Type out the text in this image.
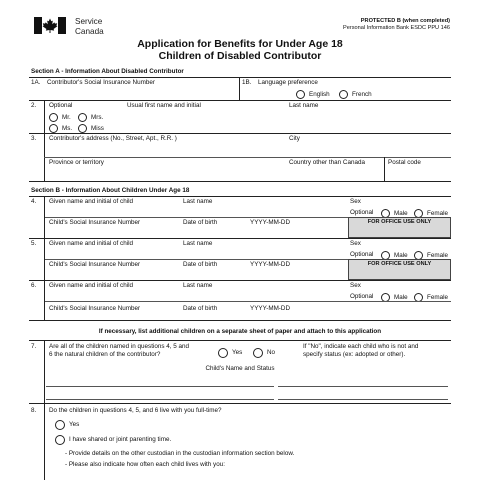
Service
Canada
PROTECTED B (when completed)
Personal Information Bank ESDC PPU 146
Application for Benefits for Under Age 18
Children of Disabled Contributor
Section A - Information About Disabled Contributor
1A. Contributor's Social Insurance Number	1B. Language preference
English	French
2. Optional	Usual first name and initial	Last name
Mr.	Mrs.
Ms.	Miss
3. Contributor's address (No., Street, Apt., R.R. )	City
Province or territory	Country other than Canada	Postal code
Section B - Information About Children Under Age 18
4. Given name and initial of child	Last name	Sex
Optional	Male	Female
Child's Social Insurance Number	Date of birth	YYYY-MM-DD	FOR OFFICE USE ONLY
5. Given name and initial of child	Last name	Sex
Optional	Male	Female
Child's Social Insurance Number	Date of birth	YYYY-MM-DD	FOR OFFICE USE ONLY
6. Given name and initial of child	Last name	Sex
Optional	Male	Female
Child's Social Insurance Number	Date of birth	YYYY-MM-DD
If necessary, list additional children on a separate sheet of paper and attach to this application
7. Are all of the children named in questions 4, 5 and
6 the natural children of the contributor?	Yes	No
If "No", indicate each child who is not and
specify status (ex: adopted or other).
Child's Name and Status
8. Do the children in questions 4, 5, and 6 live with you full-time?
Yes
I have shared or joint parenting time.
- Provide details on the other custodian in the custodian information section below.
- Please also indicate how often each child lives with you:
